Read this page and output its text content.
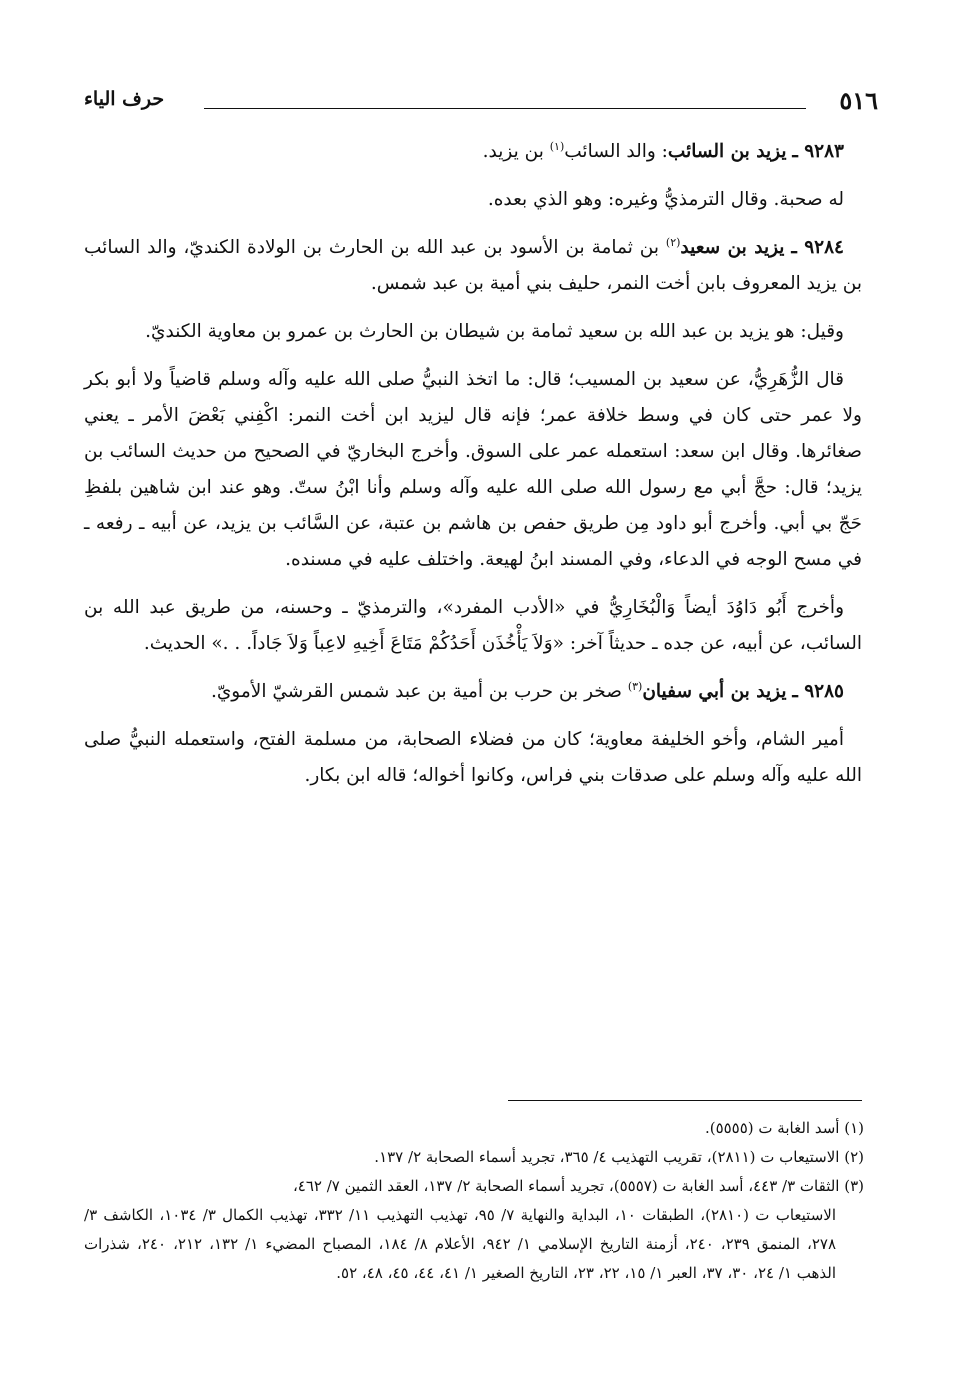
٥١٦
حرف الياء

٩٢٨٣ ـ يزيد بن السائب: والد السائب$^{(١)}$ بن يزيد.

له صحبة. وقال الترمذيُّ وغيره: وهو الذي بعده.

٩٢٨٤ ـ يزيد بن سعيد$^{(٢)}$ بن ثمامة بن الأسود بن عبد الله بن الحارث بن الولادة الكنديّ، والد السائب بن يزيد المعروف بابن أخت النمر، حليف بني أمية بن عبد شمس.

وقيل: هو يزيد بن عبد الله بن سعيد ثمامة بن شيطان بن الحارث بن عمرو بن معاوية الكنديّ.

قال الزُّهَرِيُّ، عن سعيد بن المسيب؛ قال: ما اتخذ النبيُّ صلى الله عليه وآله وسلم قاضياً ولا أبو بكر ولا عمر حتى كان في وسط خلافة عمر؛ فإنه قال ليزيد ابن أخت النمر: اكْفِني بَعْضَ الأمر ـ يعني صغائرها. وقال ابن سعد: استعمله عمر على السوق. وأخرج البخاريّ في الصحيح من حديث السائب بن يزيد؛ قال: حجَّ أبي مع رسول الله صلى الله عليه وآله وسلم وأنا ابْنُ ستّ. وهو عند ابن شاهين بلفظِ حَجّ بي أبي. وأخرج أبو داود مِن طريق حفص بن هاشم بن عتبة، عن السَّائب بن يزيد، عن أبيه ـ رفعه ـ في مسح الوجه في الدعاء، وفي المسند ابنُ لهيعة. واختلف عليه في مسنده.

وأخرج أَبُو دَاوُدَ أيضاً وَالْبُخَارِيُّ في «الأدب المفرد»، والترمذيّ ـ وحسنه، من طريق عبد الله بن السائب، عن أبيه، عن جده ـ حديثاً آخر: «وَلاَ يَأْخُذَن أَحَدُكُمْ مَتَاعَ أَخِيهِ لاعِباً وَلاَ جَاداً. . .» الحديث.

٩٢٨٥ ـ يزيد بن أبي سفيان$^{(٣)}$ صخر بن حرب بن أمية بن عبد شمس القرشيّ الأمويّ.

أمير الشام، وأخو الخليفة معاوية؛ كان من فضلاء الصحابة، من مسلمة الفتح، واستعمله النبيُّ صلى الله عليه وآله وسلم على صدقات بني فراس، وكانوا أخواله؛ قاله ابن بكار.

(١) أسد الغابة ت (٥٥٥٥).

(٢) الاستيعاب ت (٢٨١١)، تقريب التهذيب ٤/ ٣٦٥، تجريد أسماء الصحابة ٢/ ١٣٧.

(٣) الثقات ٣/ ٤٤٣، أسد الغابة ت (٥٥٥٧)، تجريد أسماء الصحابة ٢/ ١٣٧، العقد الثمين ٧/ ٤٦٢،

الاستيعاب ت (٢٨١٠)، الطبقات ١٠، البداية والنهاية ٧/ ٩٥، تهذيب التهذيب ١١/ ٣٣٢، تهذيب الكمال ٣/ ١٠٣٤، الكاشف ٣/ ٢٧٨، المنمق ٢٣٩، ٢٤٠، أزمنة التاريخ الإسلامي ١/ ٩٤٢، الأعلام ٨/ ١٨٤، المصباح المضيء ١/ ١٣٢، ٢١٢، ٢٤٠، شذرات الذهب ١/ ٢٤، ٣٠، ٣٧، العبر ١/ ١٥، ٢٢، ٢٣، التاريخ الصغير ١/ ٤١، ٤٤، ٤٥، ٤٨، ٥٢.
